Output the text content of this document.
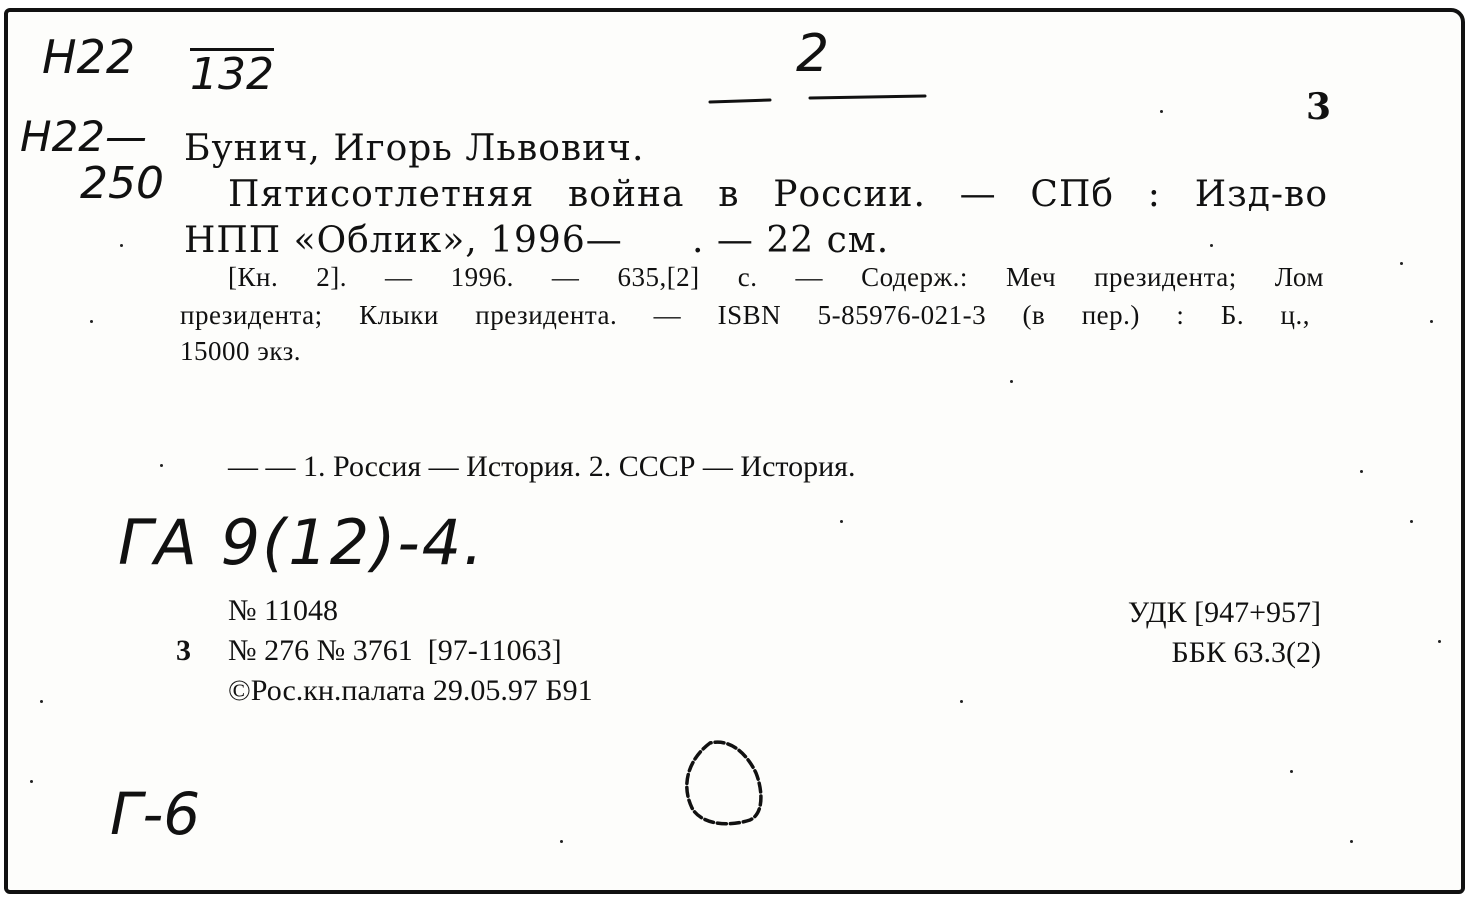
H22 132
H22—
250
2
3
Бунич, Игорь Львович.
Пятисотлетняя война в России. — СПб : Изд-во
НПП «Облик», 1996— . — 22 см.
[Кн. 2]. — 1996. — 635,[2] с. — Содерж.: Меч президента; Лом
президента; Клыки президента. — ISBN 5-85976-021-3 (в пер.) : Б. ц.,
15000 экз.
— — 1. Россия — История. 2. СССР — История.
ГА 9(12)-4.
№ 11048
3 № 276 № 3761  [97-11063]
©Рос.кн.палата 29.05.97 Б91
УДК [947+957]
ББК 63.3(2)
Г-6
